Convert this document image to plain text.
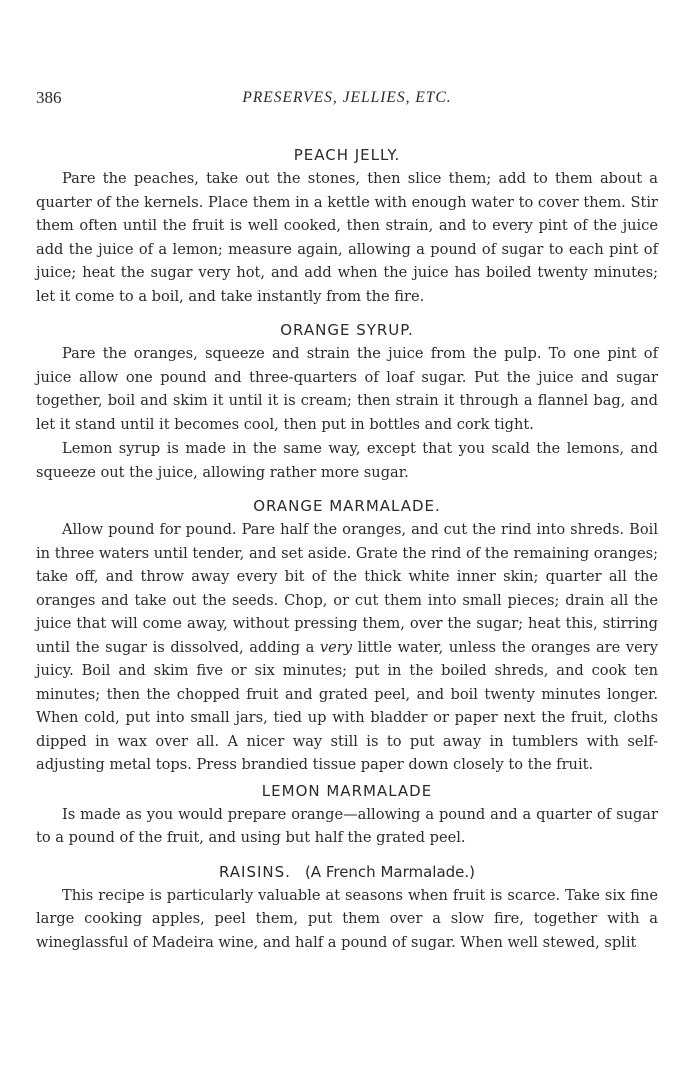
386	PRESERVES, JELLIES, ETC.
PEACH JELLY.

Pare the peaches, take out the stones, then slice them; add to them about a quarter of the kernels. Place them in a kettle with enough water to cover them. Stir them often until the fruit is well cooked, then strain, and to every pint of the juice add the juice of a lemon; measure again, allowing a pound of sugar to each pint of juice; heat the sugar very hot, and add when the juice has boiled twenty minutes; let it come to a boil, and take instantly from the fire.

ORANGE SYRUP.

Pare the oranges, squeeze and strain the juice from the pulp. To one pint of juice allow one pound and three-quarters of loaf sugar. Put the juice and sugar together, boil and skim it until it is cream; then strain it through a flannel bag, and let it stand until it becomes cool, then put in bottles and cork tight.

Lemon syrup is made in the same way, except that you scald the lemons, and squeeze out the juice, allowing rather more sugar.

ORANGE MARMALADE.

Allow pound for pound. Pare half the oranges, and cut the rind into shreds. Boil in three waters until tender, and set aside. Grate the rind of the remaining oranges; take off, and throw away every bit of the thick white inner skin; quarter all the oranges and take out the seeds. Chop, or cut them into small pieces; drain all the juice that will come away, without pressing them, over the sugar; heat this, stirring until the sugar is dissolved, adding a very little water, unless the oranges are very juicy. Boil and skim five or six minutes; put in the boiled shreds, and cook ten minutes; then the chopped fruit and grated peel, and boil twenty minutes longer. When cold, put into small jars, tied up with bladder or paper next the fruit, cloths dipped in wax over all. A nicer way still is to put away in tumblers with self-adjusting metal tops. Press brandied tissue paper down closely to the fruit.

LEMON MARMALADE

Is made as you would prepare orange—allowing a pound and a quarter of sugar to a pound of the fruit, and using but half the grated peel.

RAISINS. (A French Marmalade.)

This recipe is particularly valuable at seasons when fruit is scarce. Take six fine large cooking apples, peel them, put them over a slow fire, together with a wineglassful of Madeira wine, and half a pound of sugar. When well stewed, split
